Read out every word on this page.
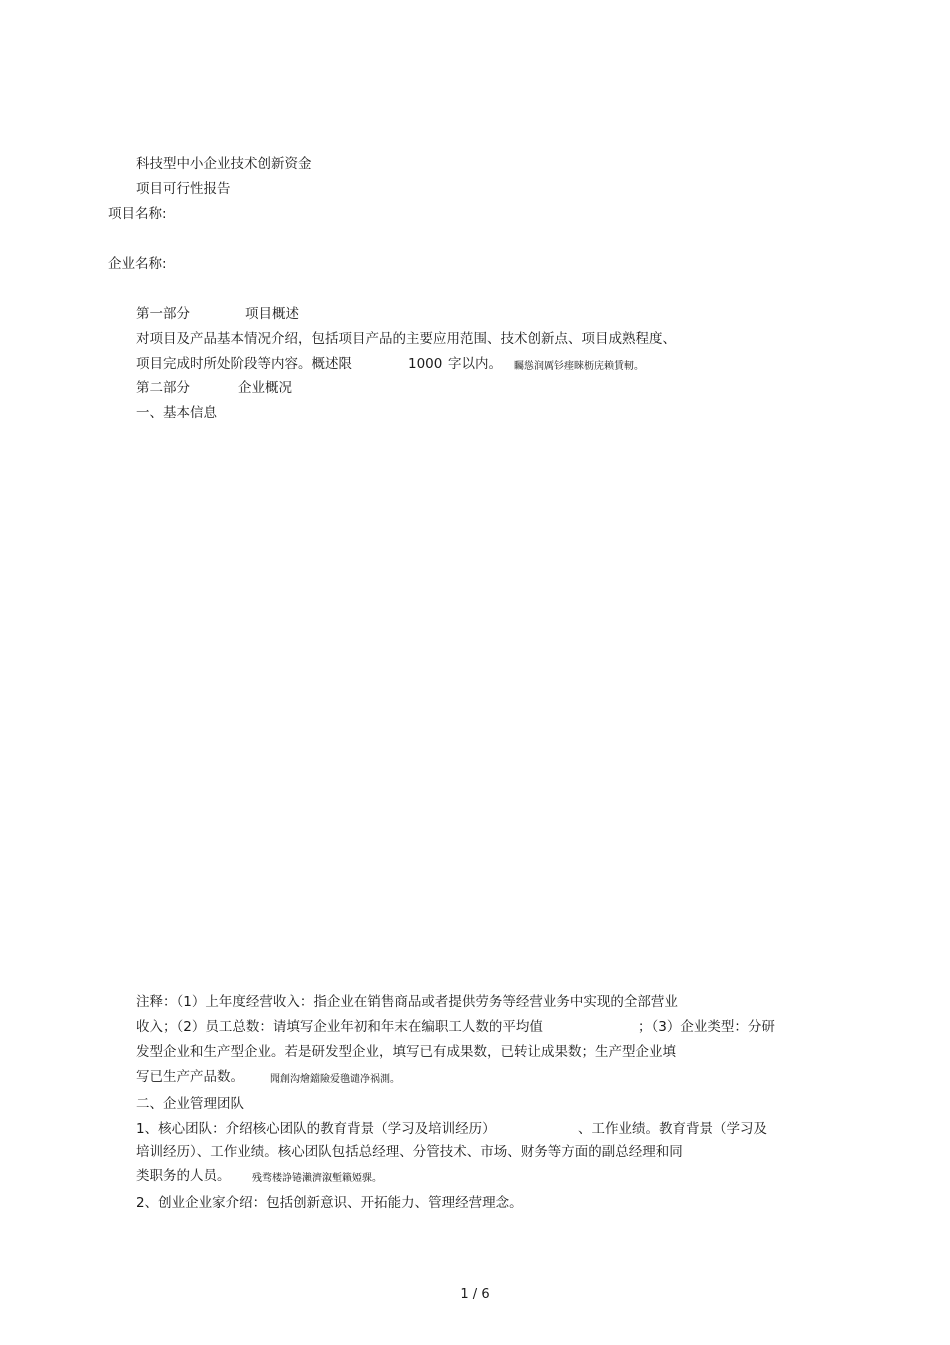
科技型中小企业技术创新资金
项目可行性报告
项目名称:
企业名称:
第一部分	项目概述
对项目及产品基本情况介绍，包括项目产品的主要应用范围、技术创新点、项目成熟程度、
项目完成时所处阶段等内容。概述限	1000 字以内。 矚慫润厲钐瘗睞枥庑赖賃軔。
第二部分	企业概况
一、基本信息
注释：（1）上年度经营收入：指企业在销售商品或者提供劳务等经营业务中实现的全部营业
收入；（2）员工总数：请填写企业年初和年末在编职工人数的平均值	；（3）企业类型：分研
发型企业和生产型企业。若是研发型企业，填写已有成果数，已转让成果数；生产型企业填
写已生产产品数。	聞創沟燴鐺險爱氇谴净祸測。
二、企业管理团队
1、核心团队：介绍核心团队的教育背景（学习及培训经历）	、工作业绩。教育背景（学习及
培训经历）、工作业绩。核心团队包括总经理、分管技术、市场、财务等方面的副总经理和同
类职务的人员。 残骛楼諍锩瀨濟溆塹籟婭骒。
2、创业企业家介绍：包括创新意识、开拓能力、管理经营理念。
1 / 6
